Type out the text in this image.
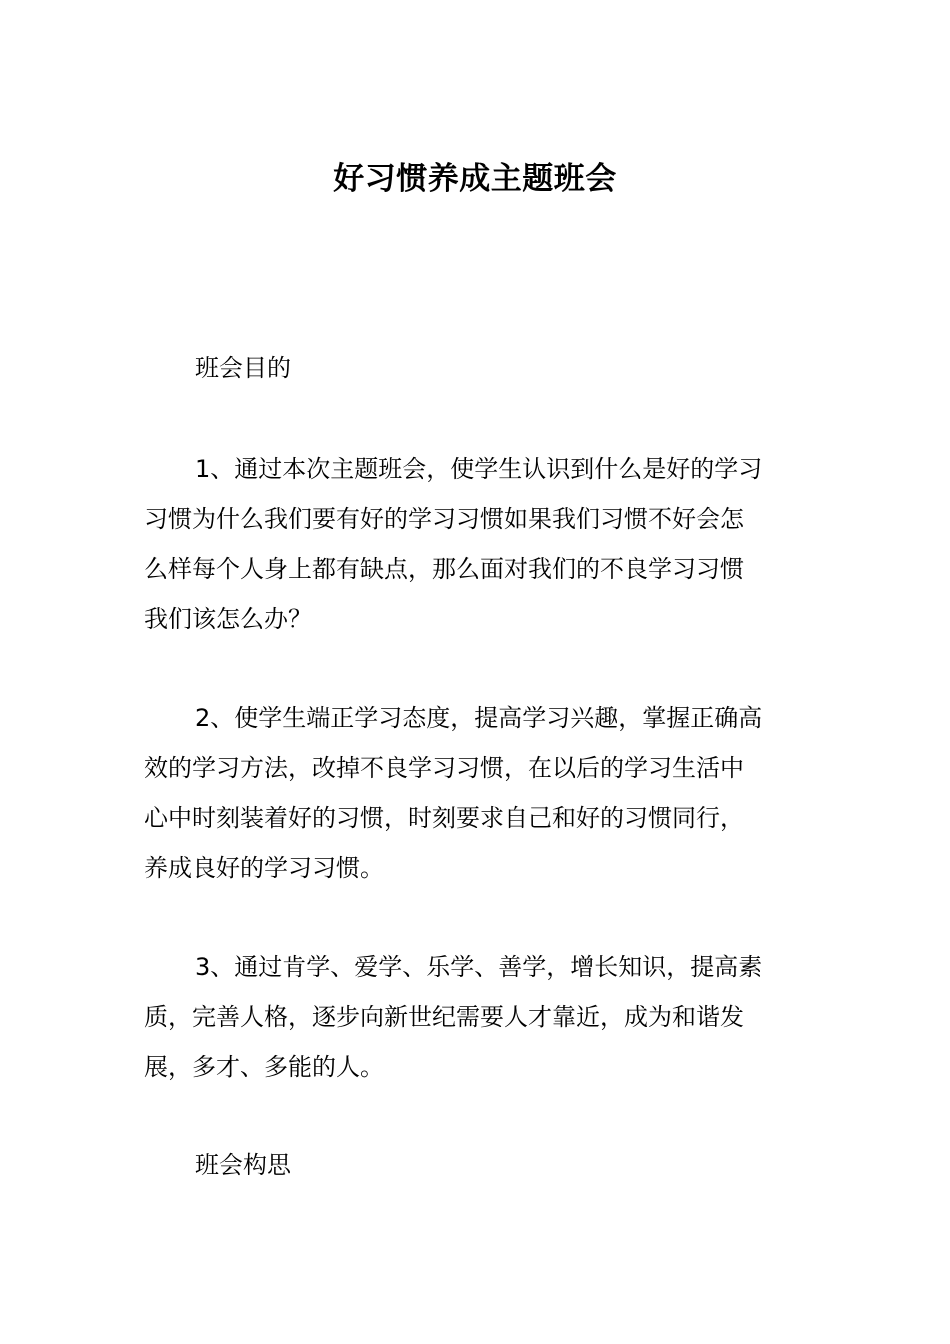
好习惯养成主题班会
班会目的
1、通过本次主题班会，使学生认识到什么是好的学习
习惯为什么我们要有好的学习习惯如果我们习惯不好会怎
么样每个人身上都有缺点，那么面对我们的不良学习习惯
我们该怎么办？
2、使学生端正学习态度，提高学习兴趣，掌握正确高
效的学习方法，改掉不良学习习惯，在以后的学习生活中
心中时刻装着好的习惯，时刻要求自己和好的习惯同行，
养成良好的学习习惯。
3、通过肯学、爱学、乐学、善学，增长知识，提高素
质，完善人格，逐步向新世纪需要人才靠近，成为和谐发
展，多才、多能的人。
班会构思
